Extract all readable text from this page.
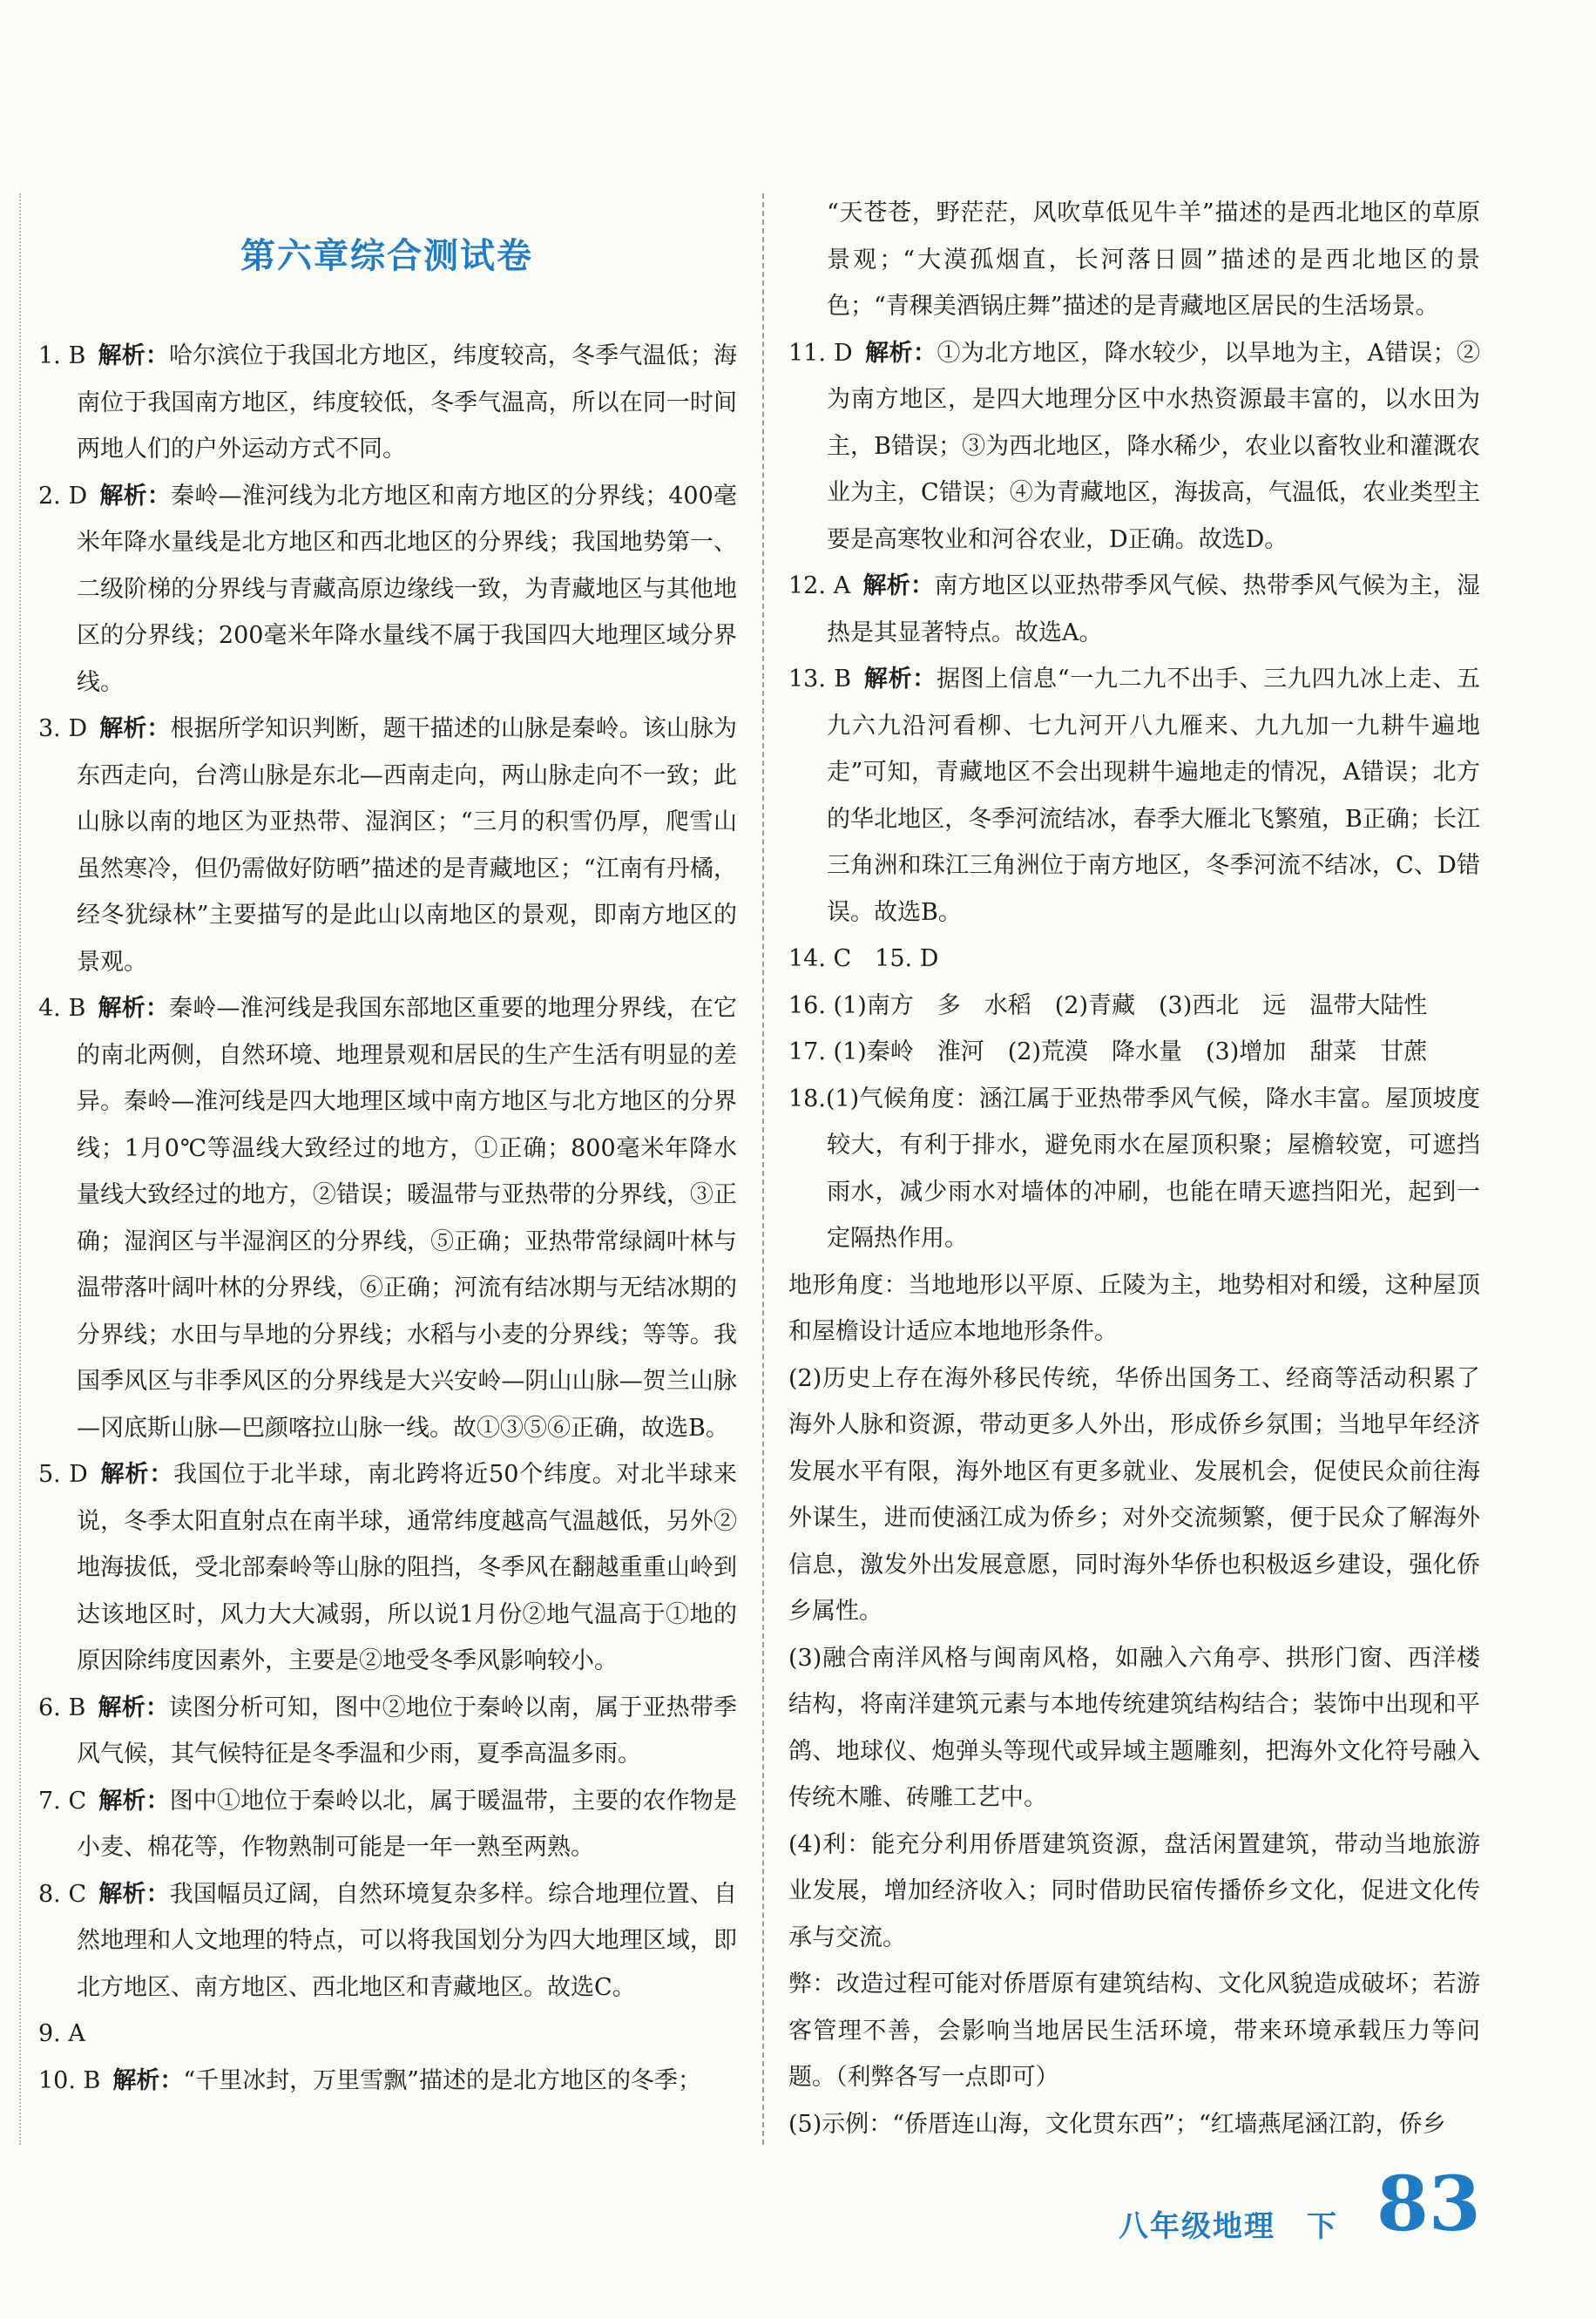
第六章综合测试卷

1. B 解析：哈尔滨位于我国北方地区，纬度较高，冬季气温低；海南位于我国南方地区，纬度较低，冬季气温高，所以在同一时间两地人们的户外运动方式不同。

2. D 解析：秦岭—淮河线为北方地区和南方地区的分界线；400毫米年降水量线是北方地区和西北地区的分界线；我国地势第一、二级阶梯的分界线与青藏高原边缘线一致，为青藏地区与其他地区的分界线；200毫米年降水量线不属于我国四大地理区域分界线。

3. D 解析：根据所学知识判断，题干描述的山脉是秦岭。该山脉为东西走向，台湾山脉是东北—西南走向，两山脉走向不一致；此山脉以南的地区为亚热带、湿润区；“三月的积雪仍厚，爬雪山虽然寒冷，但仍需做好防晒”描述的是青藏地区；“江南有丹橘，经冬犹绿林”主要描写的是此山以南地区的景观，即南方地区的景观。

4. B 解析：秦岭—淮河线是我国东部地区重要的地理分界线，在它的南北两侧，自然环境、地理景观和居民的生产生活有明显的差异。秦岭—淮河线是四大地理区域中南方地区与北方地区的分界线；1月0℃等温线大致经过的地方，①正确；800毫米年降水量线大致经过的地方，②错误；暖温带与亚热带的分界线，③正确；湿润区与半湿润区的分界线，⑤正确；亚热带常绿阔叶林与温带落叶阔叶林的分界线，⑥正确；河流有结冰期与无结冰期的分界线；水田与旱地的分界线；水稻与小麦的分界线；等等。我国季风区与非季风区的分界线是大兴安岭—阴山山脉—贺兰山脉—冈底斯山脉—巴颜喀拉山脉一线。故①③⑤⑥正确，故选B。

5. D 解析：我国位于北半球，南北跨将近50个纬度。对北半球来说，冬季太阳直射点在南半球，通常纬度越高气温越低，另外②地海拔低，受北部秦岭等山脉的阻挡，冬季风在翻越重重山岭到达该地区时，风力大大减弱，所以说1月份②地气温高于①地的原因除纬度因素外，主要是②地受冬季风影响较小。

6. B 解析：读图分析可知，图中②地位于秦岭以南，属于亚热带季风气候，其气候特征是冬季温和少雨，夏季高温多雨。

7. C 解析：图中①地位于秦岭以北，属于暖温带，主要的农作物是小麦、棉花等，作物熟制可能是一年一熟至两熟。

8. C 解析：我国幅员辽阔，自然环境复杂多样。综合地理位置、自然地理和人文地理的特点，可以将我国划分为四大地理区域，即北方地区、南方地区、西北地区和青藏地区。故选C。

9. A

10. B 解析：“千里冰封，万里雪飘”描述的是北方地区的冬季；

“天苍苍，野茫茫，风吹草低见牛羊”描述的是西北地区的草原景观；“大漠孤烟直，长河落日圆”描述的是西北地区的景色；“青稞美酒锅庄舞”描述的是青藏地区居民的生活场景。

11. D 解析：①为北方地区，降水较少，以旱地为主，A错误；②为南方地区，是四大地理分区中水热资源最丰富的，以水田为主，B错误；③为西北地区，降水稀少，农业以畜牧业和灌溉农业为主，C错误；④为青藏地区，海拔高，气温低，农业类型主要是高寒牧业和河谷农业，D正确。故选D。

12. A 解析：南方地区以亚热带季风气候、热带季风气候为主，湿热是其显著特点。故选A。

13. B 解析：据图上信息“一九二九不出手、三九四九冰上走、五九六九沿河看柳、七九河开八九雁来、九九加一九耕牛遍地走”可知，青藏地区不会出现耕牛遍地走的情况，A错误；北方的华北地区，冬季河流结冰，春季大雁北飞繁殖，B正确；长江三角洲和珠江三角洲位于南方地区，冬季河流不结冰，C、D错误。故选B。

14. C　15. D

16. (1)南方　多　水稻　(2)青藏　(3)西北　远　温带大陆性

17. (1)秦岭　淮河　(2)荒漠　降水量　(3)增加　甜菜　甘蔗

18.(1)气候角度：涵江属于亚热带季风气候，降水丰富。屋顶坡度较大，有利于排水，避免雨水在屋顶积聚；屋檐较宽，可遮挡雨水，减少雨水对墙体的冲刷，也能在晴天遮挡阳光，起到一定隔热作用。

地形角度：当地地形以平原、丘陵为主，地势相对和缓，这种屋顶和屋檐设计适应本地地形条件。

(2)历史上存在海外移民传统，华侨出国务工、经商等活动积累了海外人脉和资源，带动更多人外出，形成侨乡氛围；当地早年经济发展水平有限，海外地区有更多就业、发展机会，促使民众前往海外谋生，进而使涵江成为侨乡；对外交流频繁，便于民众了解海外信息，激发外出发展意愿，同时海外华侨也积极返乡建设，强化侨乡属性。

(3)融合南洋风格与闽南风格，如融入六角亭、拱形门窗、西洋楼结构，将南洋建筑元素与本地传统建筑结构结合；装饰中出现和平鸽、地球仪、炮弹头等现代或异域主题雕刻，把海外文化符号融入传统木雕、砖雕工艺中。

(4)利：能充分利用侨厝建筑资源，盘活闲置建筑，带动当地旅游业发展，增加经济收入；同时借助民宿传播侨乡文化，促进文化传承与交流。

弊：改造过程可能对侨厝原有建筑结构、文化风貌造成破坏；若游客管理不善，会影响当地居民生活环境，带来环境承载压力等问题。（利弊各写一点即可）

(5)示例：“侨厝连山海，文化贯东西”；“红墙燕尾涵江韵，侨乡

八年级地理　 下 83
